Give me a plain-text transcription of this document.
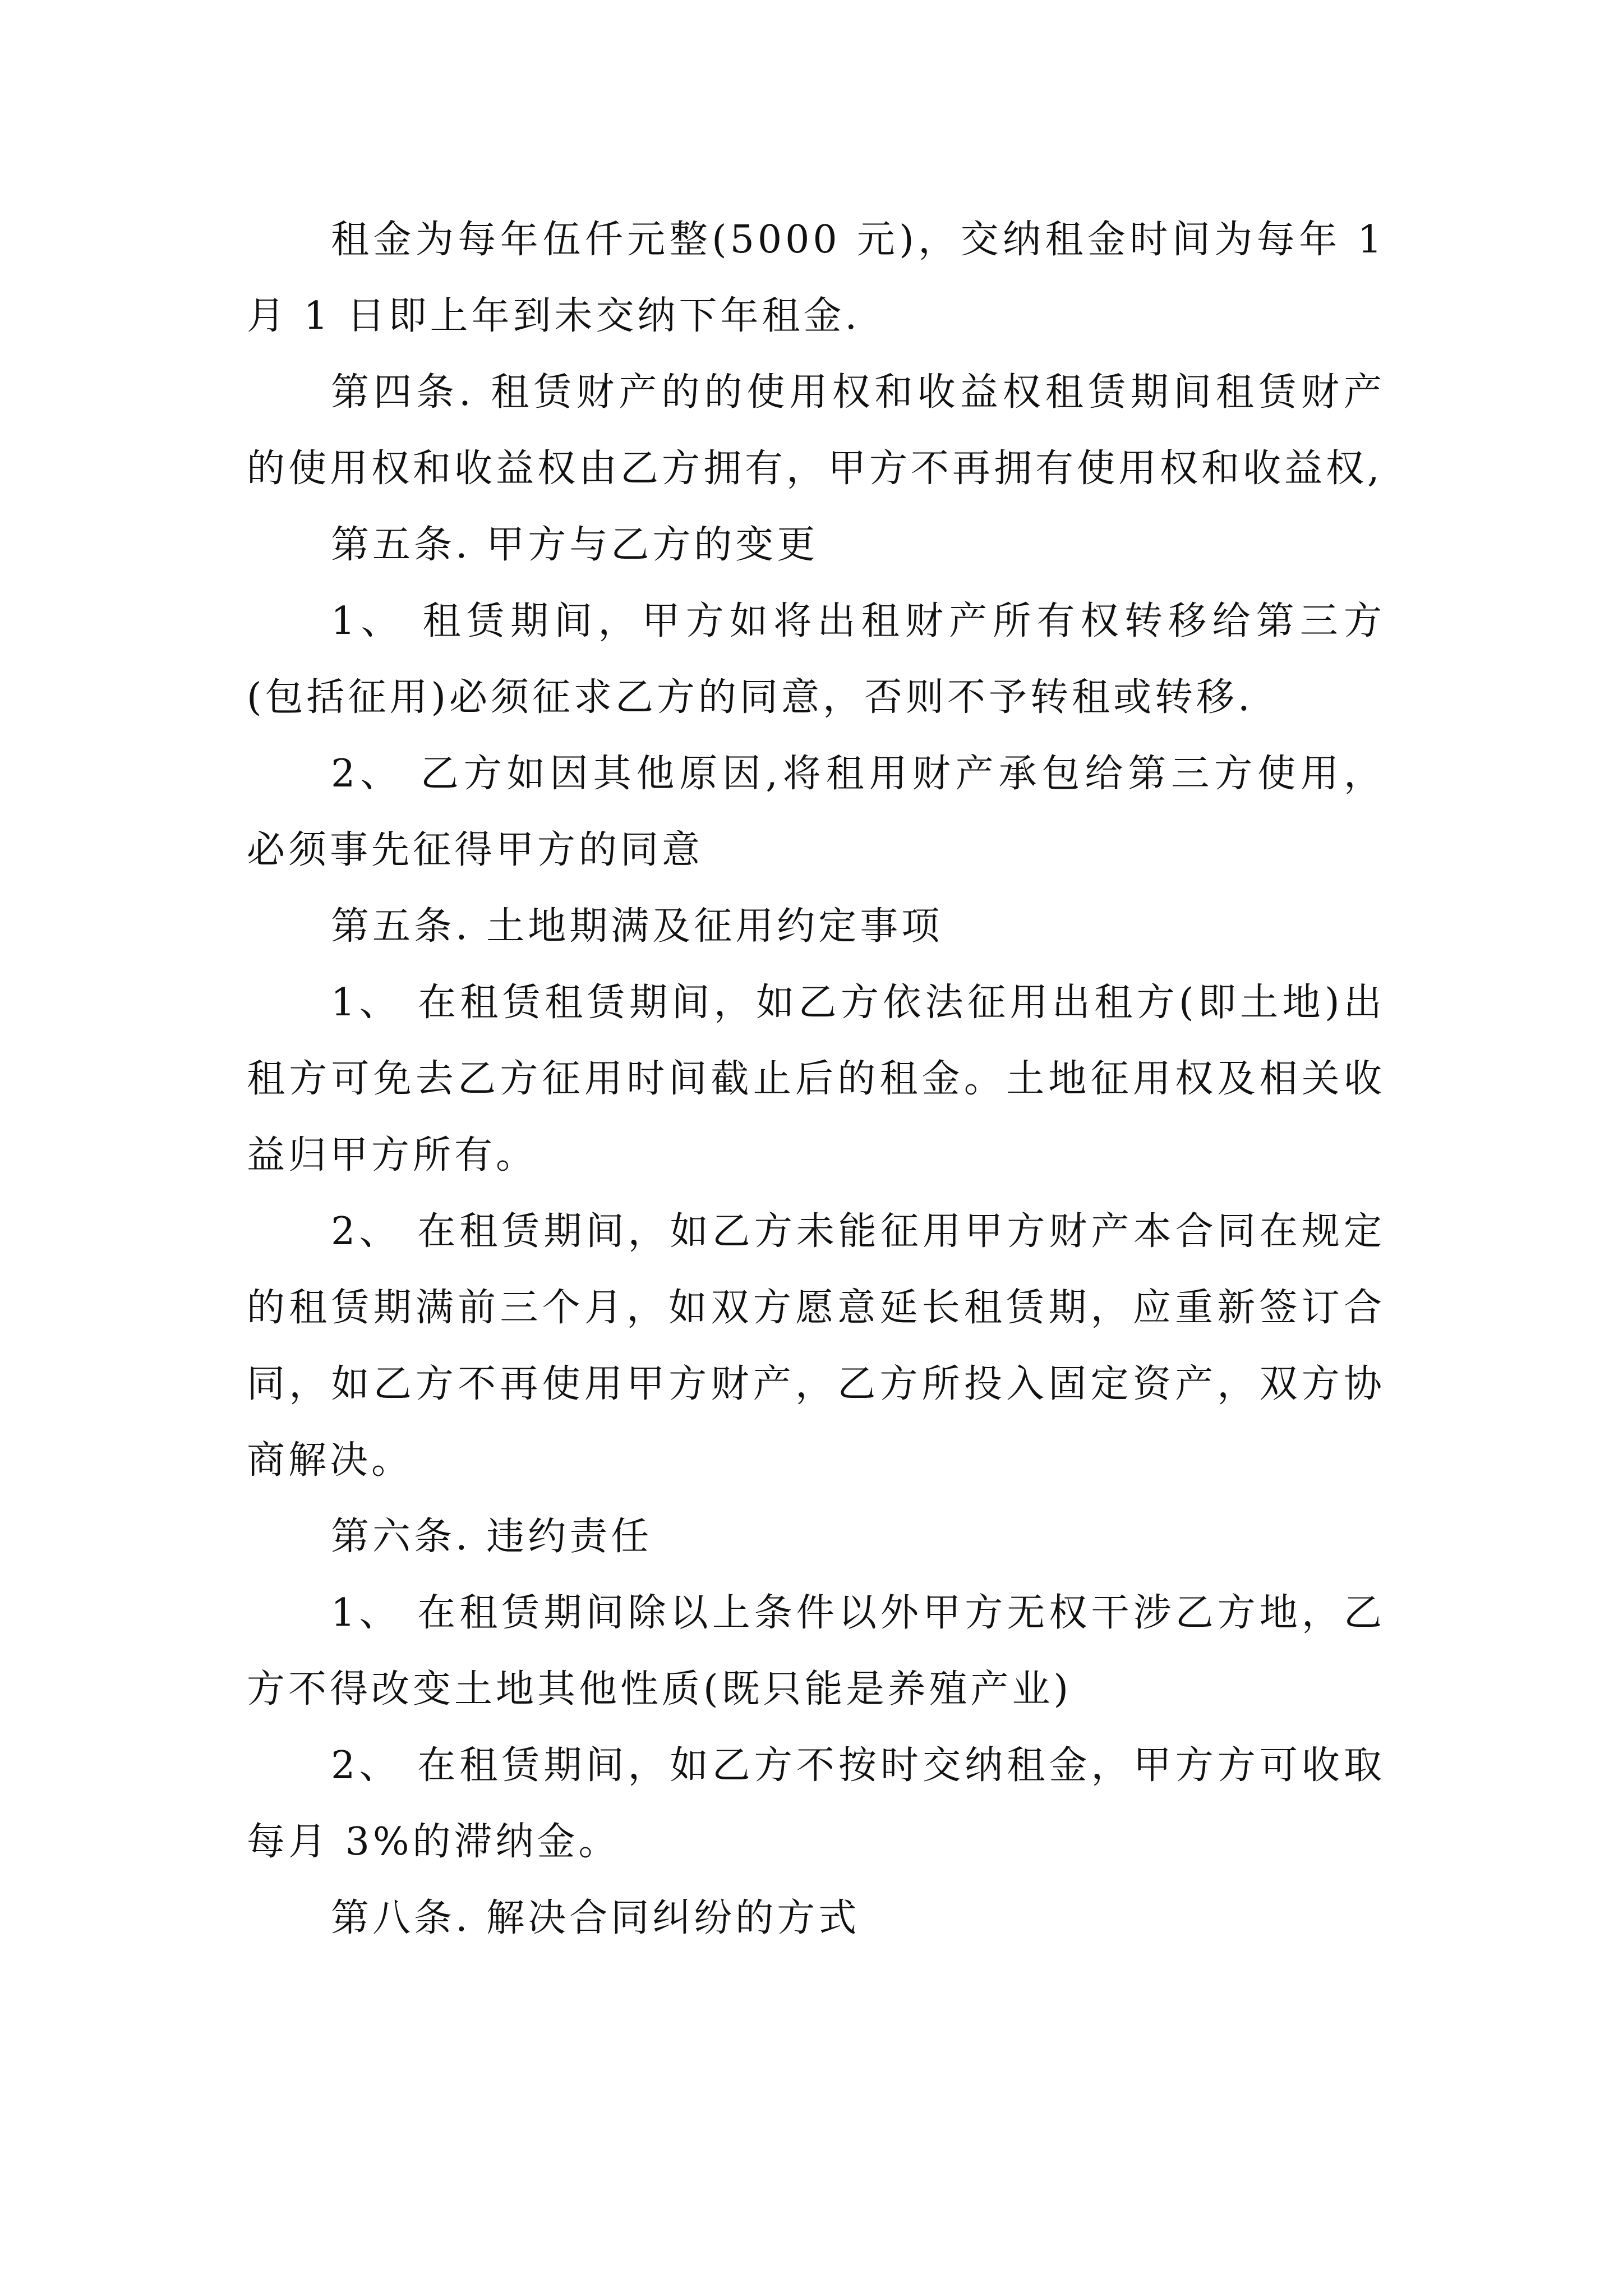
租金为每年伍仟元整(5000 元)，交纳租金时间为每年 1 月 1 日即上年到未交纳下年租金.

第四条. 租赁财产的的使用权和收益权租赁期间租赁财产的使用权和收益权由乙方拥有，甲方不再拥有使用权和收益权,

第五条. 甲方与乙方的变更

1、 租赁期间，甲方如将出租财产所有权转移给第三方(包括征用)必须征求乙方的同意，否则不予转租或转移.

2、 乙方如因其他原因,将租用财产承包给第三方使用，必须事先征得甲方的同意

第五条. 土地期满及征用约定事项

1、 在租赁租赁期间，如乙方依法征用出租方(即土地)出租方可免去乙方征用时间截止后的租金。土地征用权及相关收益归甲方所有。

2、 在租赁期间，如乙方未能征用甲方财产本合同在规定的租赁期满前三个月，如双方愿意延长租赁期，应重新签订合同，如乙方不再使用甲方财产，乙方所投入固定资产，双方协商解决。

第六条. 违约责任

1、 在租赁期间除以上条件以外甲方无权干涉乙方地，乙方不得改变土地其他性质(既只能是养殖产业)

2、 在租赁期间，如乙方不按时交纳租金，甲方方可收取每月 3%的滞纳金。

第八条. 解决合同纠纷的方式
